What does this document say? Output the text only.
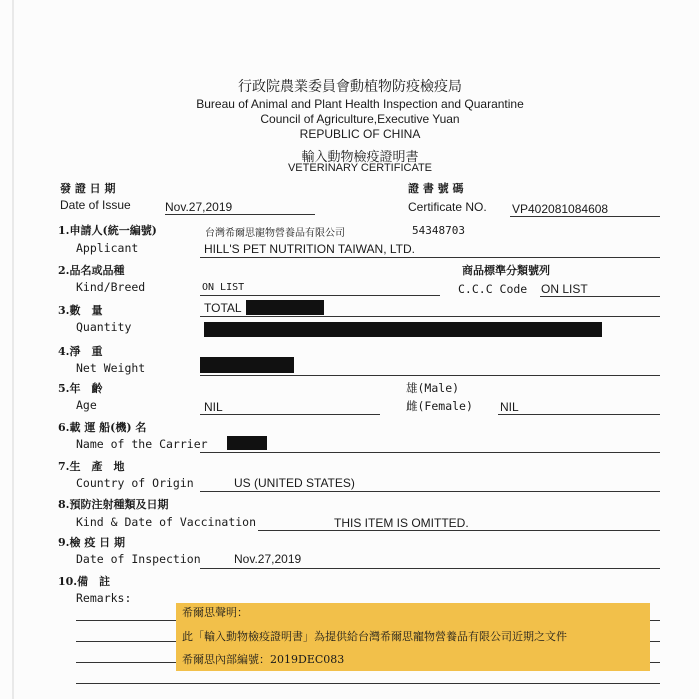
行政院農業委員會動植物防疫檢疫局
Bureau of Animal and Plant Health Inspection and Quarantine
Council of Agriculture,Executive Yuan
REPUBLIC OF CHINA
輸入動物檢疫證明書
VETERINARY CERTIFICATE
發 證 日 期
Date of Issue	Nov.27,2019
證 書 號 碼
Certificate NO. VP402081084608
1.申請人(統一編號)	台灣希爾思寵物營養品有限公司	54348703
Applicant	HILL'S PET NUTRITION TAIWAN, LTD.
2.品名或品種	商品標準分類號列
Kind/Breed	ON LIST	C.C.C Code ON LIST
3.數　量	TOTAL
Quantity
4.淨　重
Net Weight
5.年　齡	雄(Male)
Age	NIL	雌(Female) NIL
6.載 運 船(機) 名
Name of the Carrier
7.生　產　地
Country of Origin	US (UNITED STATES)
8.預防注射種類及日期
Kind & Date of Vaccination	THIS ITEM IS OMITTED.
9.檢 疫 日 期
Date of Inspection	Nov.27,2019
10.備　註
Remarks:
希爾思聲明：
此「輸入動物檢疫證明書」為提供給台灣希爾思寵物營養品有限公司近期之文件
希爾思內部編號：2019DEC083
